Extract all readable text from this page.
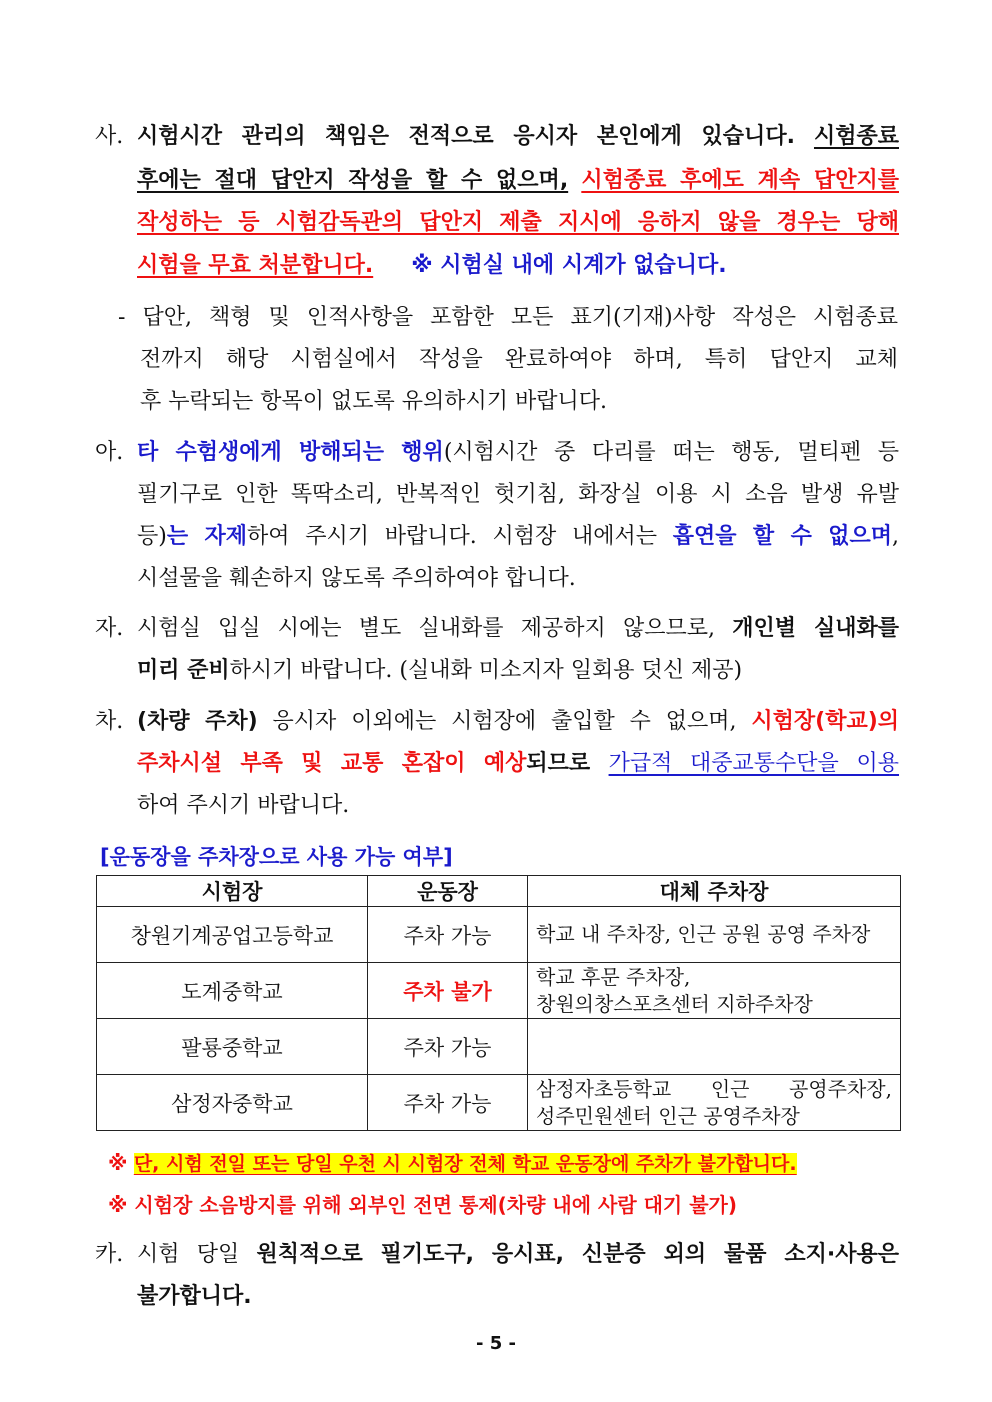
사. 시험시간 관리의 책임은 전적으로 응시자 본인에게 있습니다. 시험종료
후에는 절대 답안지 작성을 할 수 없으며, 시험종료 후에도 계속 답안지를
작성하는 등 시험감독관의 답안지 제출 지시에 응하지 않을 경우는 당해
시험을 무효 처분합니다. ※ 시험실 내에 시계가 없습니다.
- 답안, 책형 및 인적사항을 포함한 모든 표기(기재)사항 작성은 시험종료
전까지 해당 시험실에서 작성을 완료하여야 하며, 특히 답안지 교체
후 누락되는 항목이 없도록 유의하시기 바랍니다.
아. 타 수험생에게 방해되는 행위(시험시간 중 다리를 떠는 행동, 멀티펜 등
필기구로 인한 똑딱소리, 반복적인 헛기침, 화장실 이용 시 소음 발생 유발
등)는 자제하여 주시기 바랍니다. 시험장 내에서는 흡연을 할 수 없으며,
시설물을 훼손하지 않도록 주의하여야 합니다.
자. 시험실 입실 시에는 별도 실내화를 제공하지 않으므로, 개인별 실내화를
미리 준비하시기 바랍니다. (실내화 미소지자 일회용 덧신 제공)
차. (차량 주차) 응시자 이외에는 시험장에 출입할 수 없으며, 시험장(학교)의
주차시설 부족 및 교통 혼잡이 예상되므로 가급적 대중교통수단을 이용
하여 주시기 바랍니다.
[운동장을 주차장으로 사용 가능 여부]
시험장	운동장	대체 주차장
창원기계공업고등학교	주차 가능	학교 내 주차장, 인근 공원 공영 주차장

도계중학교	주차 불가	학교 후문 주차장,
창원의창스포츠센터 지하주차장

팔룡중학교	주차 가능	
삼정자중학교	주차 가능	삼정자초등학교 인근 공영주차장,
성주민원센터 인근 공영주차장
※ 단, 시험 전일 또는 당일 우천 시 시험장 전체 학교 운동장에 주차가 불가합니다.
※ 시험장 소음방지를 위해 외부인 전면 통제(차량 내에 사람 대기 불가)
카. 시험 당일 원칙적으로 필기도구, 응시표, 신분증 외의 물품 소지·사용은
불가합니다.
- 5 -
